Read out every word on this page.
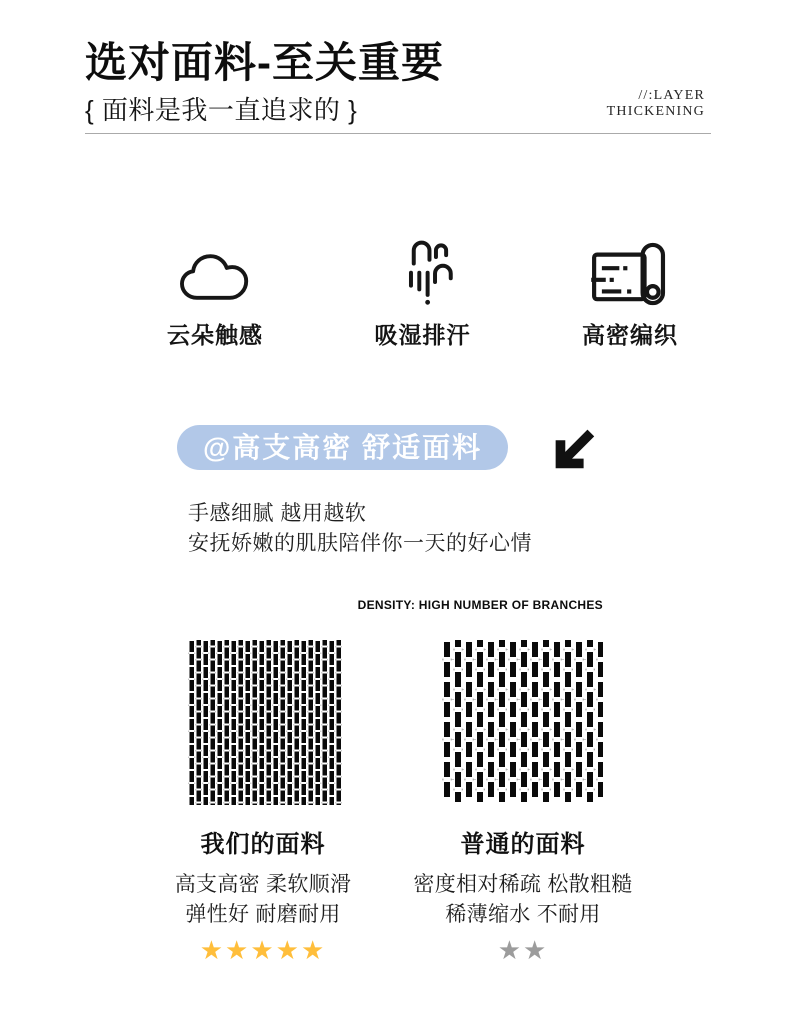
选对面料-至关重要
{ 面料是我一直追求的 }	//:LAYER
THICKENING
云朵触感	吸湿排汗	高密编织
@高支高密 舒适面料
手感细腻 越用越软
安抚娇嫩的肌肤陪伴你一天的好心情
DENSITY: HIGH NUMBER OF BRANCHES
我们的面料
高支高密 柔软顺滑
弹性好 耐磨耐用
★★★★★
普通的面料
密度相对稀疏 松散粗糙
稀薄缩水 不耐用
★★
